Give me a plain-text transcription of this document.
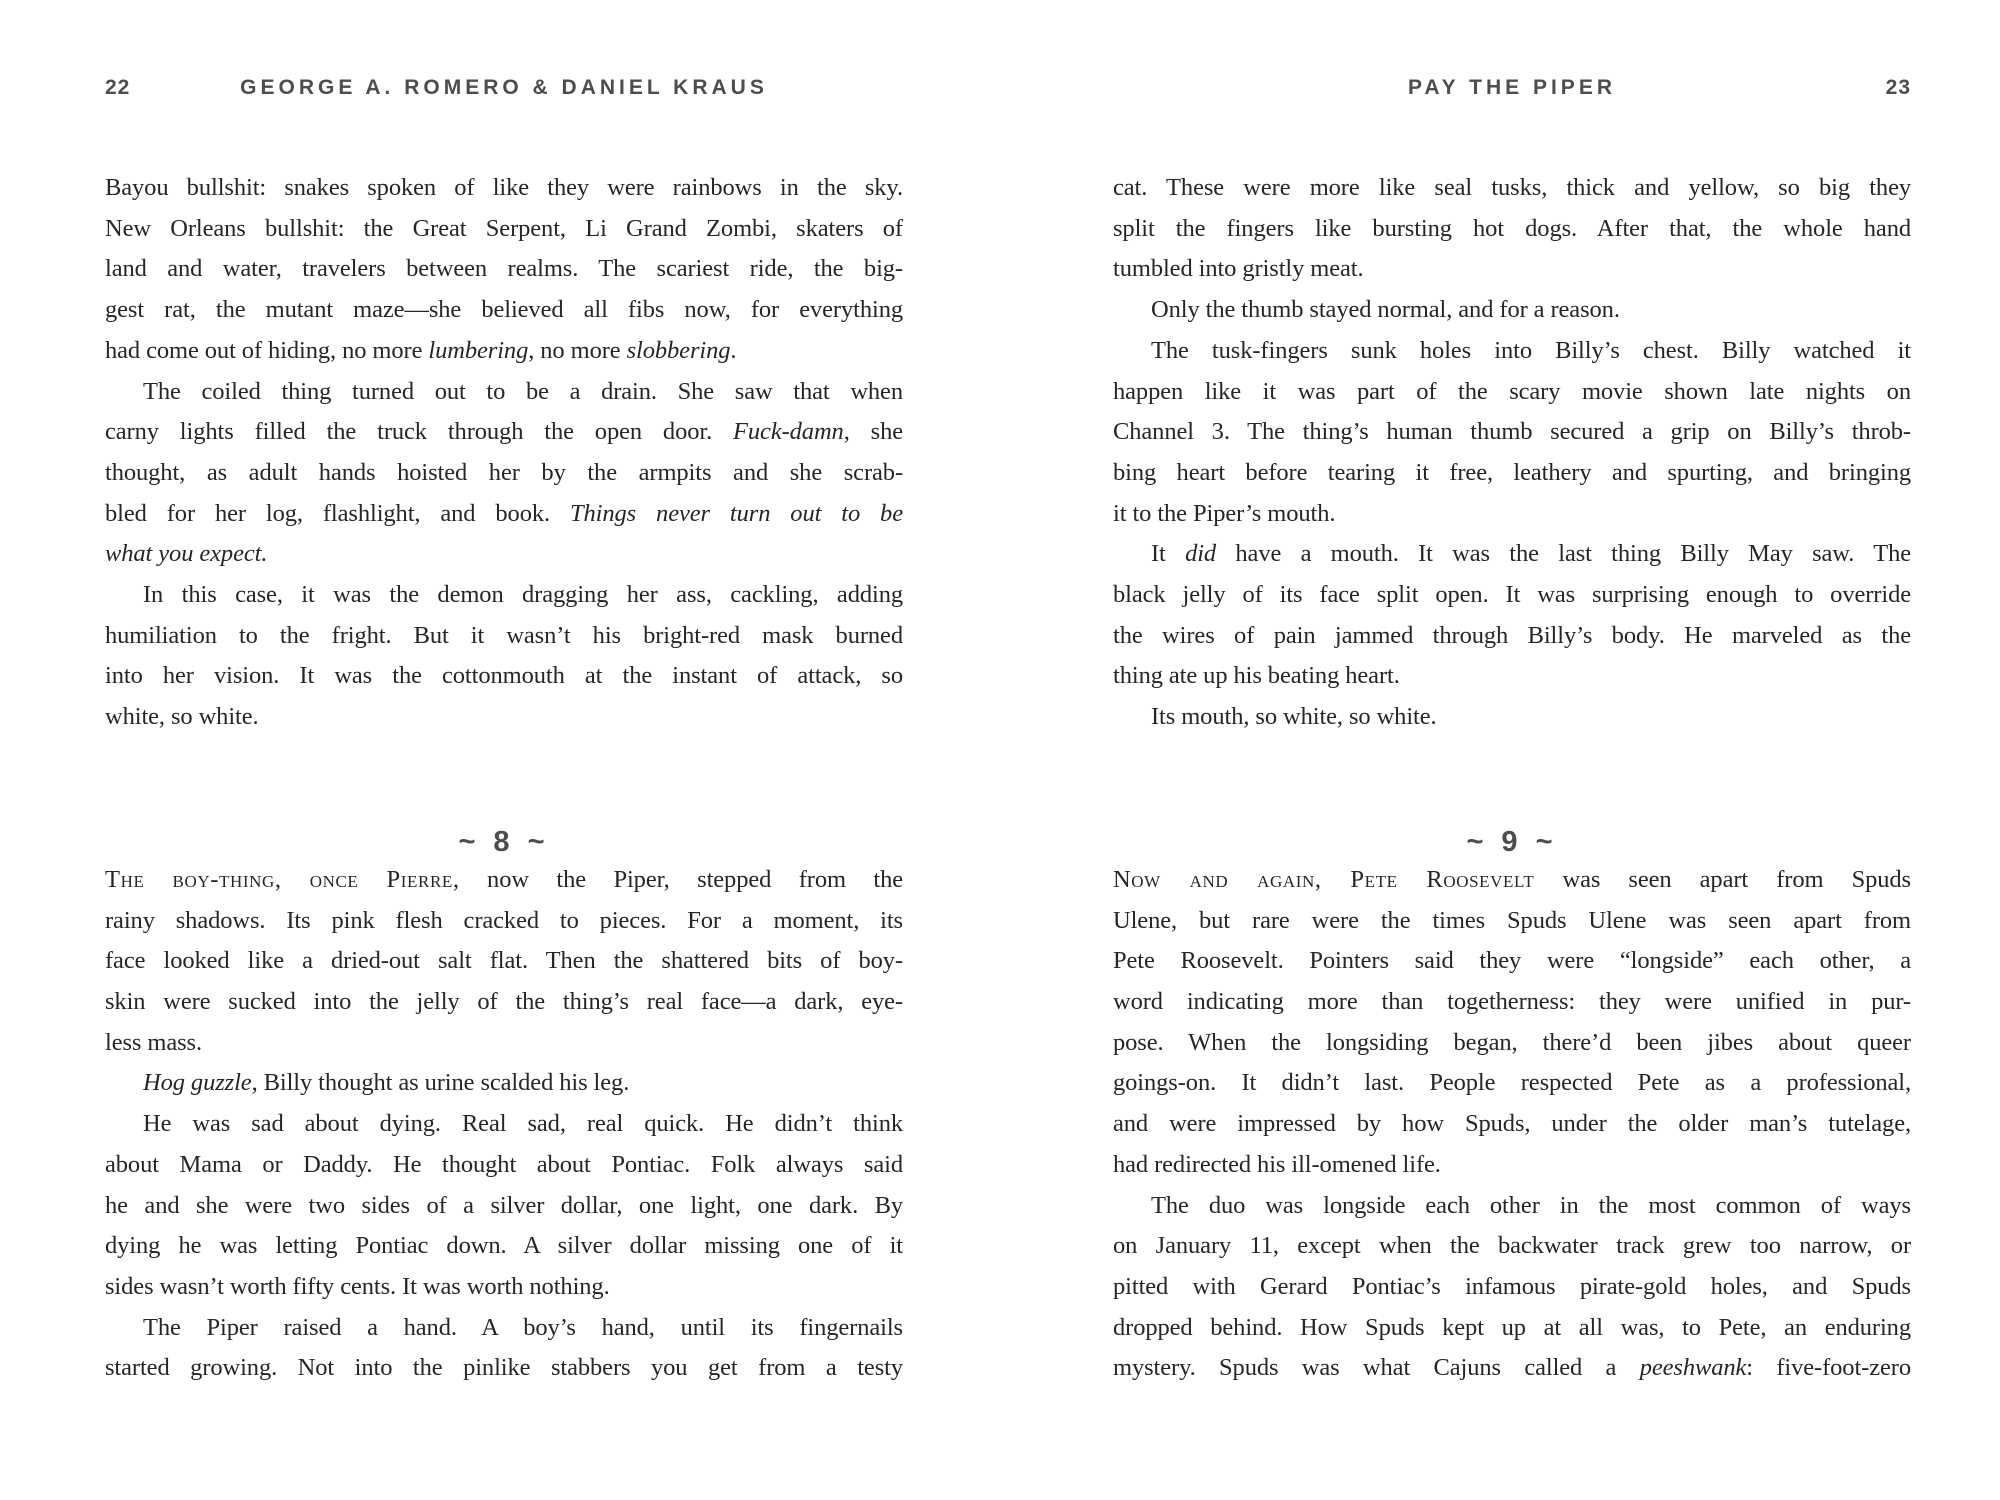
22	GEORGE A. ROMERO & DANIEL KRAUS
Bayou bullshit: snakes spoken of like they were rainbows in the sky.
New Orleans bullshit: the Great Serpent, Li Grand Zombi, skaters of
land and water, travelers between realms. The scariest ride, the big-
gest rat, the mutant maze—she believed all fibs now, for everything
had come out of hiding, no more lumbering, no more slobbering.
The coiled thing turned out to be a drain. She saw that when
carny lights filled the truck through the open door. Fuck-damn, she
thought, as adult hands hoisted her by the armpits and she scrab-
bled for her log, flashlight, and book. Things never turn out to be
what you expect.
In this case, it was the demon dragging her ass, cackling, adding
humiliation to the fright. But it wasn’t his bright-red mask burned
into her vision. It was the cottonmouth at the instant of attack, so
white, so white.
~ 8 ~
The boy-thing, once Pierre, now the Piper, stepped from the
rainy shadows. Its pink flesh cracked to pieces. For a moment, its
face looked like a dried-out salt flat. Then the shattered bits of boy-
skin were sucked into the jelly of the thing’s real face—a dark, eye-
less mass.
Hog guzzle, Billy thought as urine scalded his leg.
He was sad about dying. Real sad, real quick. He didn’t think
about Mama or Daddy. He thought about Pontiac. Folk always said
he and she were two sides of a silver dollar, one light, one dark. By
dying he was letting Pontiac down. A silver dollar missing one of it
sides wasn’t worth fifty cents. It was worth nothing.
The Piper raised a hand. A boy’s hand, until its fingernails
started growing. Not into the pinlike stabbers you get from a testy
PAY THE PIPER	23
cat. These were more like seal tusks, thick and yellow, so big they
split the fingers like bursting hot dogs. After that, the whole hand
tumbled into gristly meat.
Only the thumb stayed normal, and for a reason.
The tusk-fingers sunk holes into Billy’s chest. Billy watched it
happen like it was part of the scary movie shown late nights on
Channel 3. The thing’s human thumb secured a grip on Billy’s throb-
bing heart before tearing it free, leathery and spurting, and bringing
it to the Piper’s mouth.
It did have a mouth. It was the last thing Billy May saw. The
black jelly of its face split open. It was surprising enough to override
the wires of pain jammed through Billy’s body. He marveled as the
thing ate up his beating heart.
Its mouth, so white, so white.
~ 9 ~
Now and again, Pete Roosevelt was seen apart from Spuds
Ulene, but rare were the times Spuds Ulene was seen apart from
Pete Roosevelt. Pointers said they were “longside” each other, a
word indicating more than togetherness: they were unified in pur-
pose. When the longsiding began, there’d been jibes about queer
goings-on. It didn’t last. People respected Pete as a professional,
and were impressed by how Spuds, under the older man’s tutelage,
had redirected his ill-omened life.
The duo was longside each other in the most common of ways
on January 11, except when the backwater track grew too narrow, or
pitted with Gerard Pontiac’s infamous pirate-gold holes, and Spuds
dropped behind. How Spuds kept up at all was, to Pete, an enduring
mystery. Spuds was what Cajuns called a peeshwank: five-foot-zero
